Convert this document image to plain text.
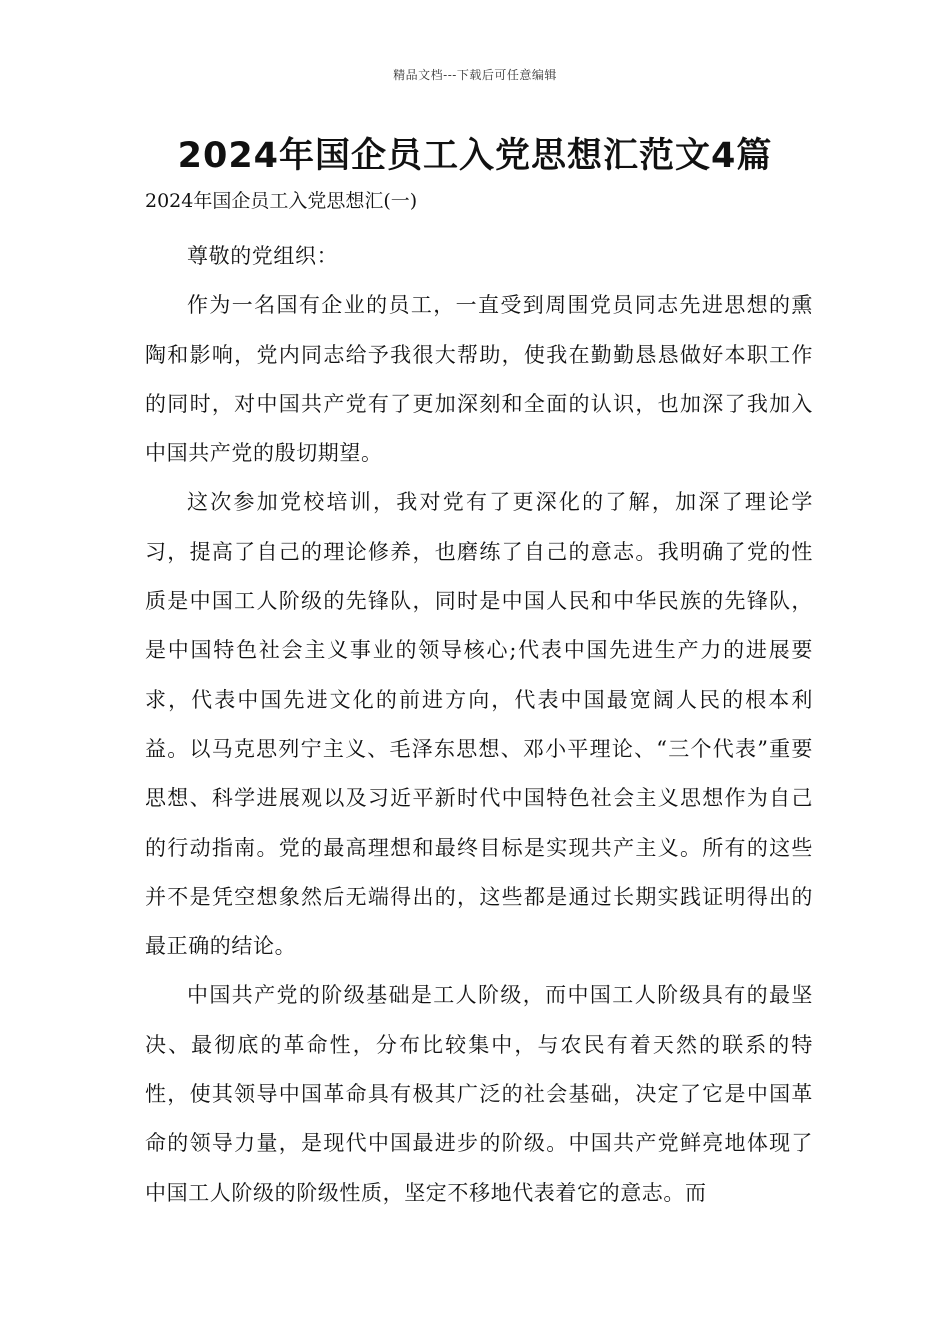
精品文档---下载后可任意编辑
2024年国企员工入党思想汇范文4篇
2024年国企员工入党思想汇(一)

尊敬的党组织：

作为一名国有企业的员工，一直受到周围党员同志先进思想的熏陶和影响，党内同志给予我很大帮助，使我在勤勤恳恳做好本职工作的同时，对中国共产党有了更加深刻和全面的认识，也加深了我加入中国共产党的殷切期望。

这次参加党校培训，我对党有了更深化的了解，加深了理论学习，提高了自己的理论修养，也磨练了自己的意志。我明确了党的性质是中国工人阶级的先锋队，同时是中国人民和中华民族的先锋队，是中国特色社会主义事业的领导核心;代表中国先进生产力的进展要求，代表中国先进文化的前进方向，代表中国最宽阔人民的根本利益。以马克思列宁主义、毛泽东思想、邓小平理论、“三个代表”重要思想、科学进展观以及习近平新时代中国特色社会主义思想作为自己的行动指南。党的最高理想和最终目标是实现共产主义。所有的这些并不是凭空想象然后无端得出的，这些都是通过长期实践证明得出的最正确的结论。

中国共产党的阶级基础是工人阶级，而中国工人阶级具有的最坚决、最彻底的革命性，分布比较集中，与农民有着天然的联系的特性，使其领导中国革命具有极其广泛的社会基础，决定了它是中国革命的领导力量，是现代中国最进步的阶级。中国共产党鲜亮地体现了中国工人阶级的阶级性质，坚定不移地代表着它的意志。而
